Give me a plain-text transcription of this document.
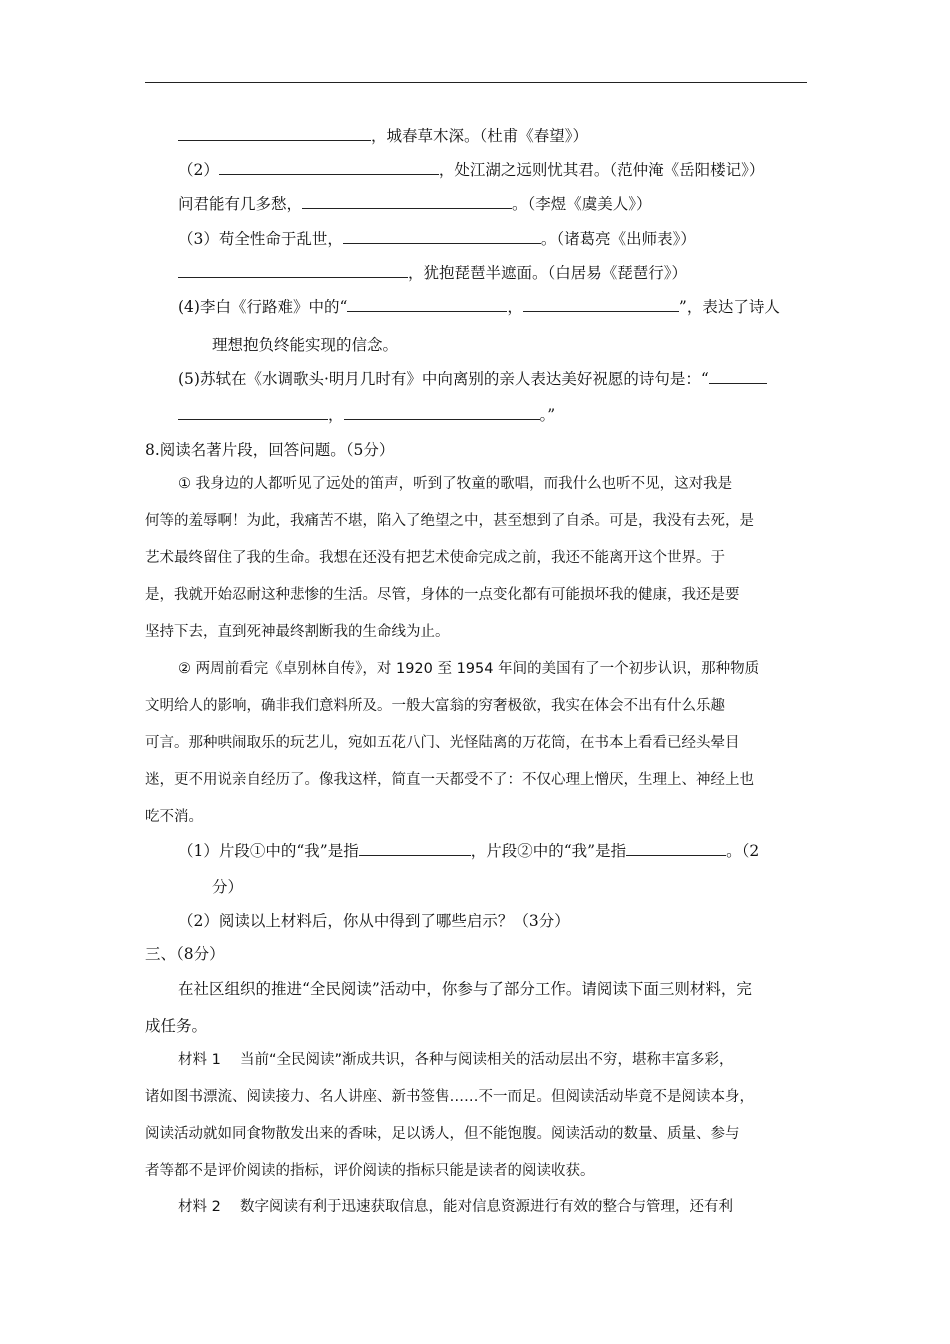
，城春草木深。（杜甫《春望》）
（2）	，处江湖之远则忧其君。（范仲淹《岳阳楼记》）
问君能有几多愁，	。（李煜《虞美人》）
（3）苟全性命于乱世，	。（诸葛亮《出师表》）
，犹抱琵琶半遮面。（白居易《琵琶行》）
(4)李白《行路难》中的“	，	”，表达了诗人
理想抱负终能实现的信念。
(5)苏轼在《水调歌头·明月几时有》中向离别的亲人表达美好祝愿的诗句是：“
，	。”
8.阅读名著片段，回答问题。（5分）
① 我身边的人都听见了远处的笛声，听到了牧童的歌唱，而我什么也听不见，这对我是
何等的羞辱啊！为此，我痛苦不堪，陷入了绝望之中，甚至想到了自杀。可是，我没有去死，是
艺术最终留住了我的生命。我想在还没有把艺术使命完成之前，我还不能离开这个世界。于
是，我就开始忍耐这种悲惨的生活。尽管，身体的一点变化都有可能损坏我的健康，我还是要
坚持下去，直到死神最终割断我的生命线为止。
② 两周前看完《卓别林自传》，对 1920 至 1954 年间的美国有了一个初步认识，那种物质
文明给人的影响，确非我们意料所及。一般大富翁的穷奢极欲，我实在体会不出有什么乐趣
可言。那种哄闹取乐的玩艺儿，宛如五花八门、光怪陆离的万花筒，在书本上看看已经头晕目
迷，更不用说亲自经历了。像我这样，简直一天都受不了：不仅心理上憎厌，生理上、神经上也
吃不消。
（1）片段①中的“我”是指	，片段②中的“我”是指	。（2
分）
（2）阅读以上材料后，你从中得到了哪些启示？（3分）
三、（8分）
在社区组织的推进“全民阅读”活动中，你参与了部分工作。请阅读下面三则材料，完
成任务。
材料 1　 当前“全民阅读”渐成共识，各种与阅读相关的活动层出不穷，堪称丰富多彩，
诸如图书漂流、阅读接力、名人讲座、新书签售……不一而足。但阅读活动毕竟不是阅读本身，
阅读活动就如同食物散发出来的香味，足以诱人，但不能饱腹。阅读活动的数量、质量、参与
者等都不是评价阅读的指标，评价阅读的指标只能是读者的阅读收获。
材料 2　 数字阅读有利于迅速获取信息，能对信息资源进行有效的整合与管理，还有利
